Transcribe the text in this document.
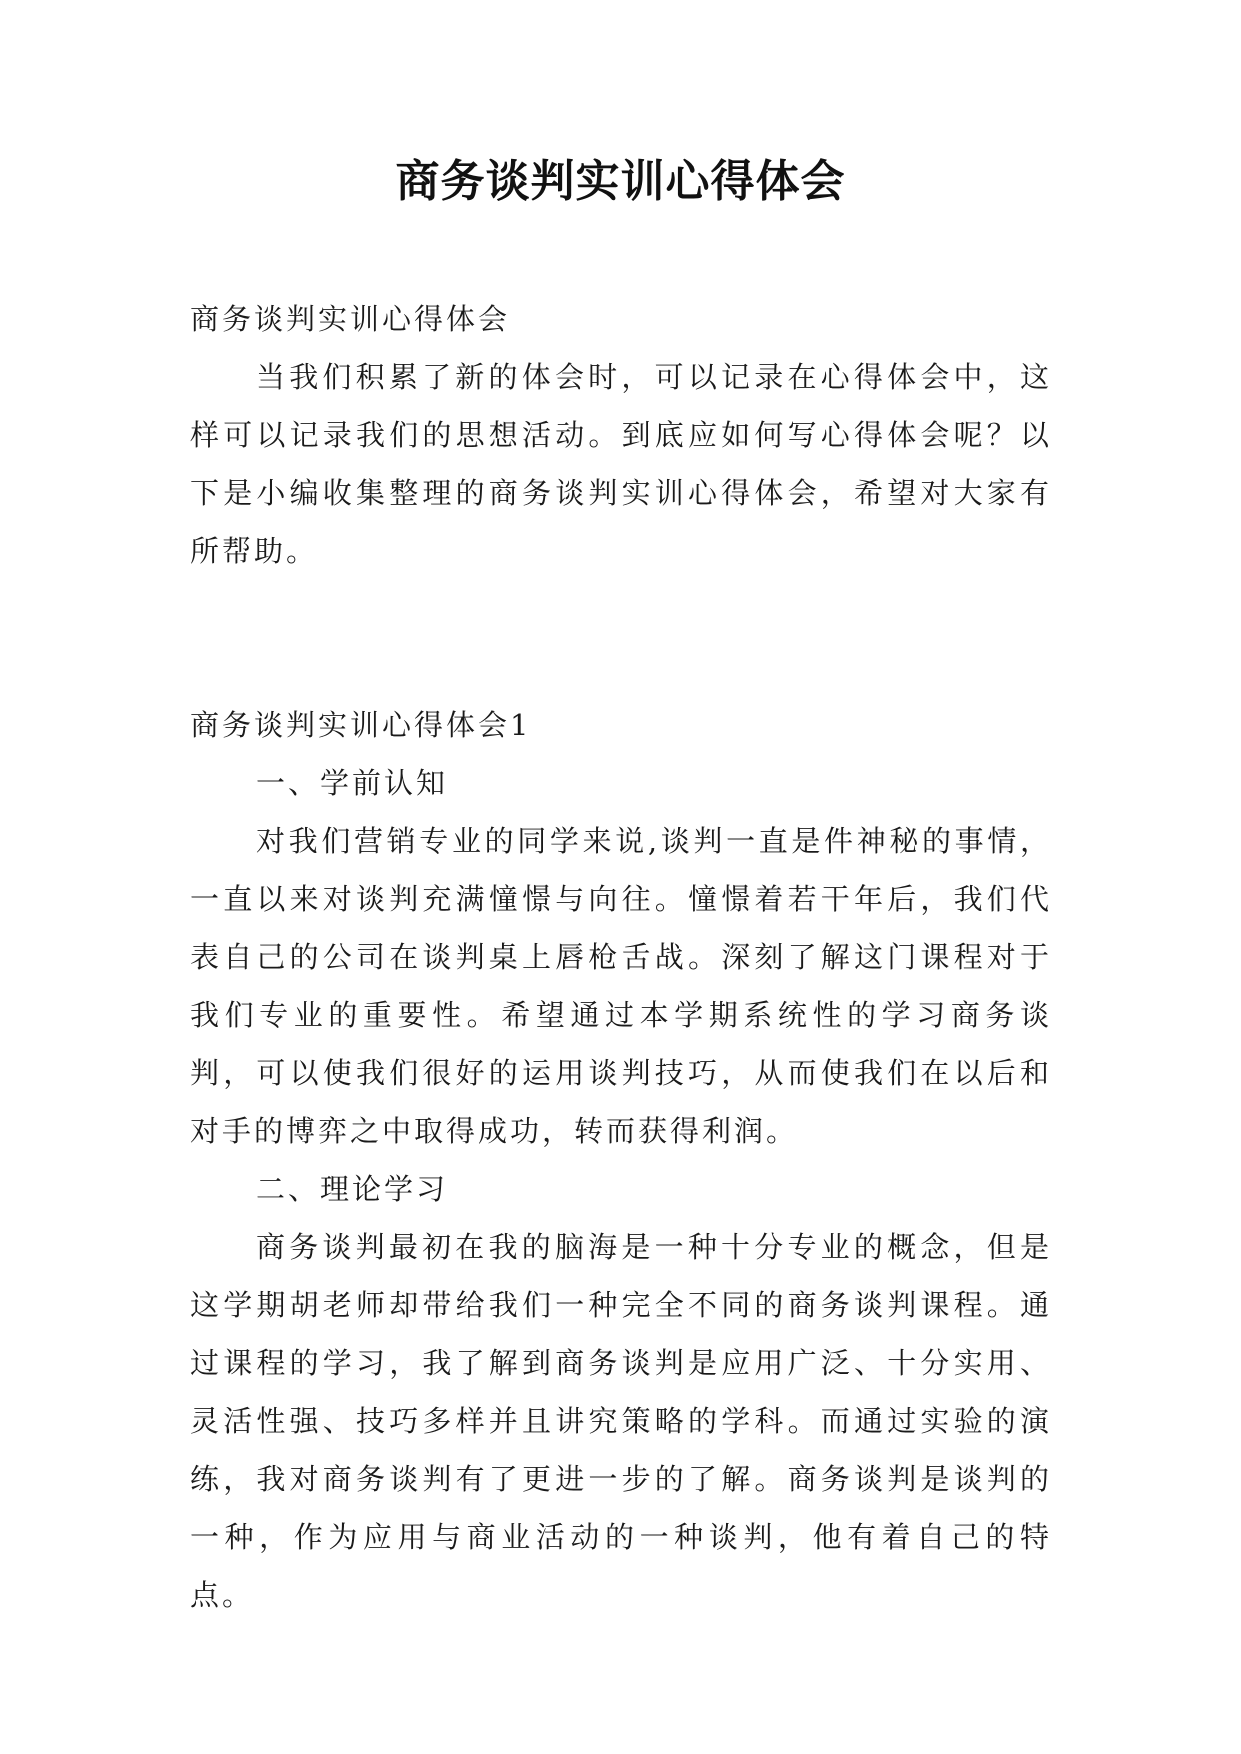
商务谈判实训心得体会

商务谈判实训心得体会

当我们积累了新的体会时，可以记录在心得体会中，这样可以记录我们的思想活动。到底应如何写心得体会呢？以下是小编收集整理的商务谈判实训心得体会，希望对大家有所帮助。

商务谈判实训心得体会1

一、学前认知

对我们营销专业的同学来说,谈判一直是件神秘的事情，一直以来对谈判充满憧憬与向往。憧憬着若干年后，我们代表自己的公司在谈判桌上唇枪舌战。深刻了解这门课程对于我们专业的重要性。希望通过本学期系统性的学习商务谈判，可以使我们很好的运用谈判技巧，从而使我们在以后和对手的博弈之中取得成功，转而获得利润。

二、理论学习

商务谈判最初在我的脑海是一种十分专业的概念，但是这学期胡老师却带给我们一种完全不同的商务谈判课程。通过课程的学习，我了解到商务谈判是应用广泛、十分实用、灵活性强、技巧多样并且讲究策略的学科。而通过实验的演练，我对商务谈判有了更进一步的了解。商务谈判是谈判的一种，作为应用与商业活动的一种谈判，他有着自己的特点。
